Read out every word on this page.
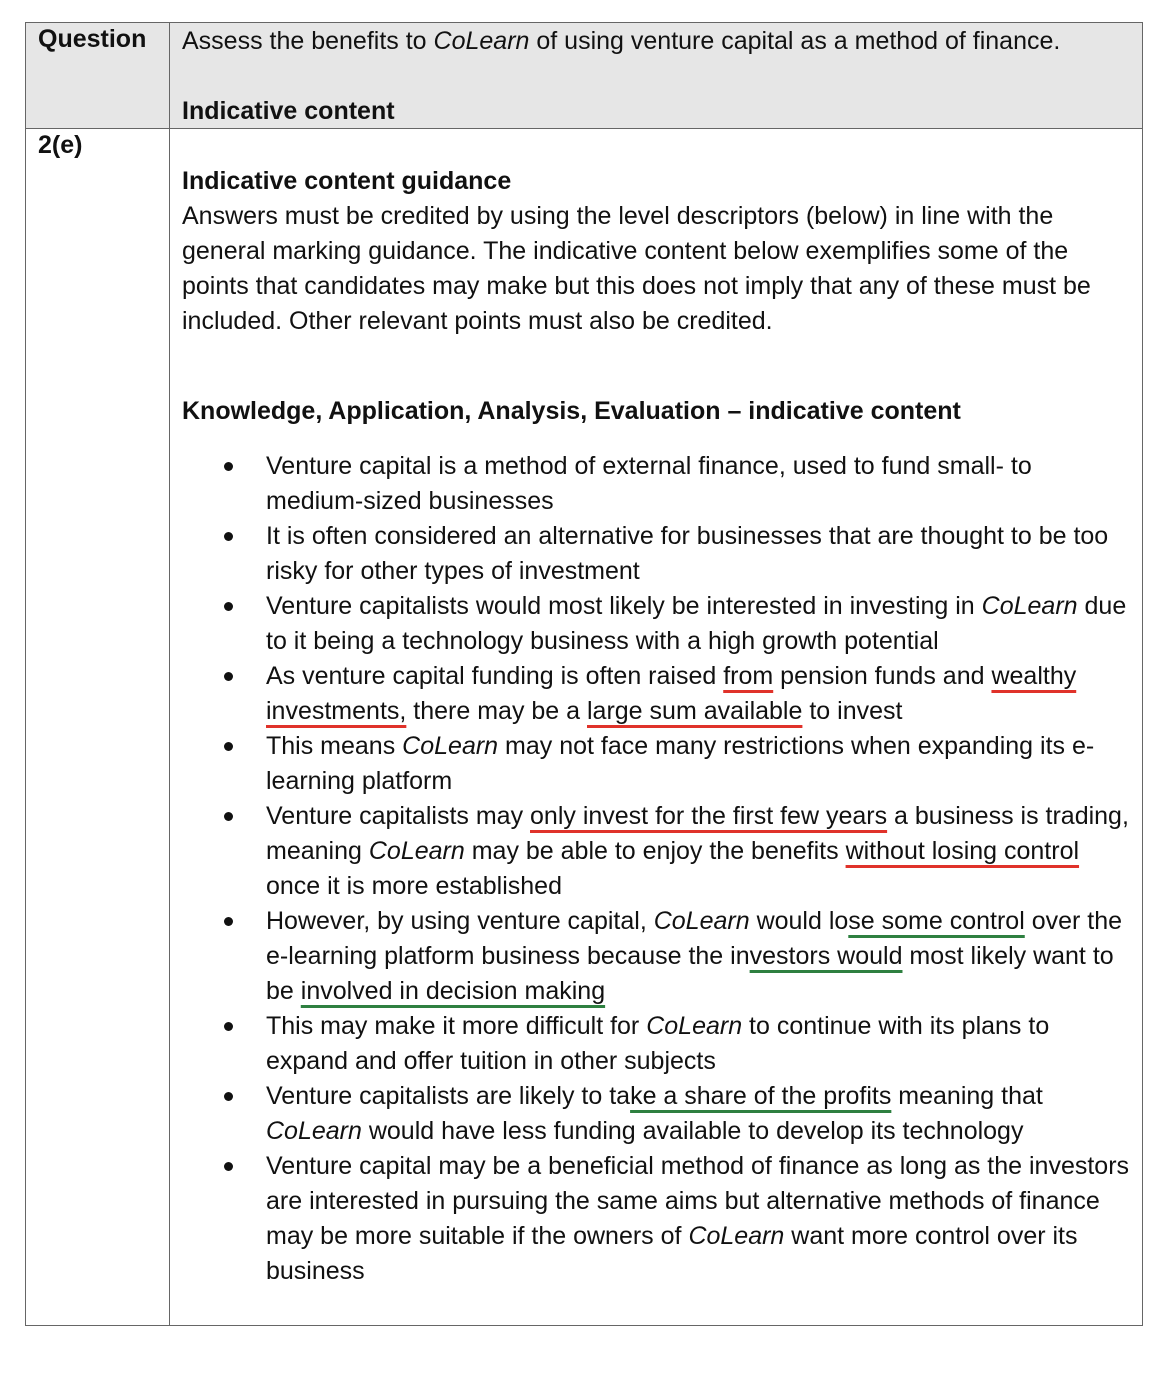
Question Assess the benefits to CoLearn of using venture capital as a method of finance.
Indicative content
2(e)

Indicative content guidance

Answers must be credited by using the level descriptors (below) in line with the general marking guidance. The indicative content below exemplifies some of the points that candidates may make but this does not imply that any of these must be included. Other relevant points must also be credited.

Knowledge, Application, Analysis, Evaluation – indicative content
Venture capital is a method of external finance, used to fund small- to medium-sized businesses
It is often considered an alternative for businesses that are thought to be too risky for other types of investment
Venture capitalists would most likely be interested in investing in CoLearn due to it being a technology business with a high growth potential
As venture capital funding is often raised from pension funds and wealthy investments, there may be a large sum available to invest
This means CoLearn may not face many restrictions when expanding its e-learning platform
Venture capitalists may only invest for the first few years a business is trading, meaning CoLearn may be able to enjoy the benefits without losing control once it is more established
However, by using venture capital, CoLearn would lose some control over the e-learning platform business because the investors would most likely want to be involved in decision making
This may make it more difficult for CoLearn to continue with its plans to expand and offer tuition in other subjects
Venture capitalists are likely to take a share of the profits meaning that CoLearn would have less funding available to develop its technology
Venture capital may be a beneficial method of finance as long as the investors are interested in pursuing the same aims but alternative methods of finance may be more suitable if the owners of CoLearn want more control over its business
